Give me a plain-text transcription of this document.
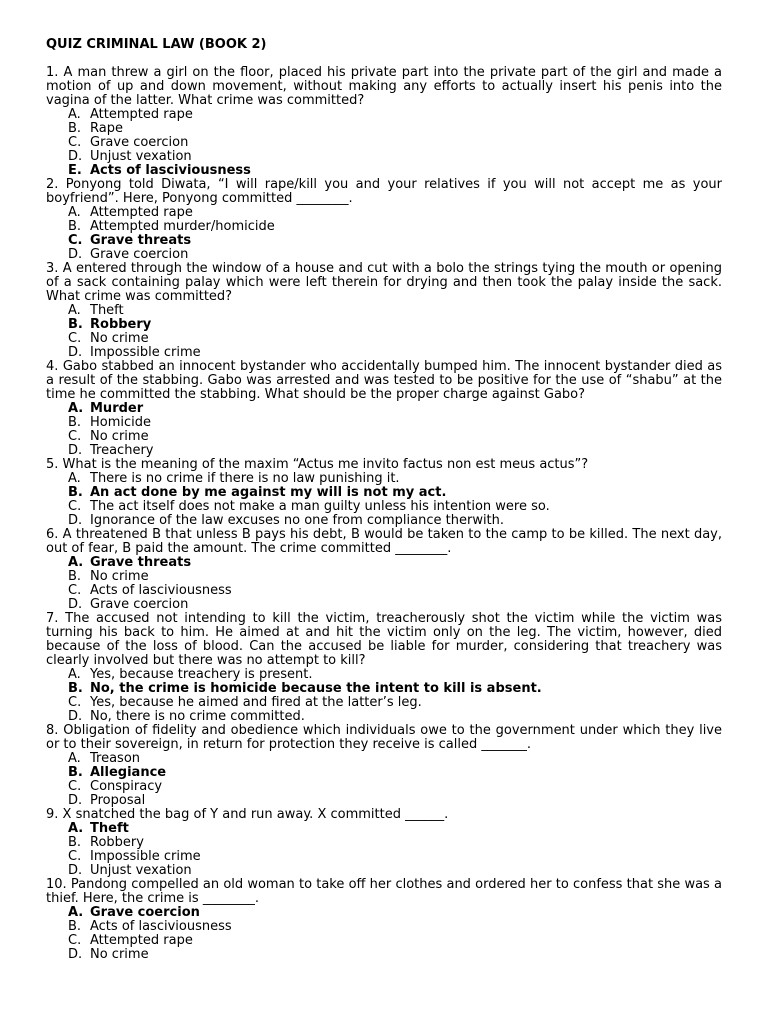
QUIZ CRIMINAL LAW (BOOK 2)
1. A man threw a girl on the floor, placed his private part into the private part of the girl and made a motion of up and down movement, without making any efforts to actually insert his penis into the vagina of the latter. What crime was committed?
A. Attempted rape
B. Rape
C. Grave coercion
D. Unjust vexation
E. Acts of lasciviousness
2. Ponyong told Diwata, “I will rape/kill you and your relatives if you will not accept me as your boyfriend”. Here, Ponyong committed ________.
A. Attempted rape
B. Attempted murder/homicide
C. Grave threats
D. Grave coercion
3. A entered through the window of a house and cut with a bolo the strings tying the mouth or opening of a sack containing palay which were left therein for drying and then took the palay inside the sack. What crime was committed?
A. Theft
B. Robbery
C. No crime
D. Impossible crime
4. Gabo stabbed an innocent bystander who accidentally bumped him. The innocent bystander died as a result of the stabbing. Gabo was arrested and was tested to be positive for the use of “shabu” at the time he committed the stabbing. What should be the proper charge against Gabo?
A. Murder
B. Homicide
C. No crime
D. Treachery
5. What is the meaning of the maxim “Actus me invito factus non est meus actus”?
A. There is no crime if there is no law punishing it.
B. An act done by me against my will is not my act.
C. The act itself does not make a man guilty unless his intention were so.
D. Ignorance of the law excuses no one from compliance therwith.
6. A threatened B that unless B pays his debt, B would be taken to the camp to be killed. The next day, out of fear, B paid the amount. The crime committed ________.
A. Grave threats
B. No crime
C. Acts of lasciviousness
D. Grave coercion
7. The accused not intending to kill the victim, treacherously shot the victim while the victim was turning his back to him. He aimed at and hit the victim only on the leg. The victim, however, died because of the loss of blood. Can the accused be liable for murder, considering that treachery was clearly involved but there was no attempt to kill?
A. Yes, because treachery is present.
B. No, the crime is homicide because the intent to kill is absent.
C. Yes, because he aimed and fired at the latter’s leg.
D. No, there is no crime committed.
8. Obligation of fidelity and obedience which individuals owe to the government under which they live or to their sovereign, in return for protection they receive is called _______.
A. Treason
B. Allegiance
C. Conspiracy
D. Proposal
9. X snatched the bag of Y and run away. X committed ______.
A. Theft
B. Robbery
C. Impossible crime
D. Unjust vexation
10. Pandong compelled an old woman to take off her clothes and ordered her to confess that she was a thief. Here, the crime is ________.
A. Grave coercion
B. Acts of lasciviousness
C. Attempted rape
D. No crime
